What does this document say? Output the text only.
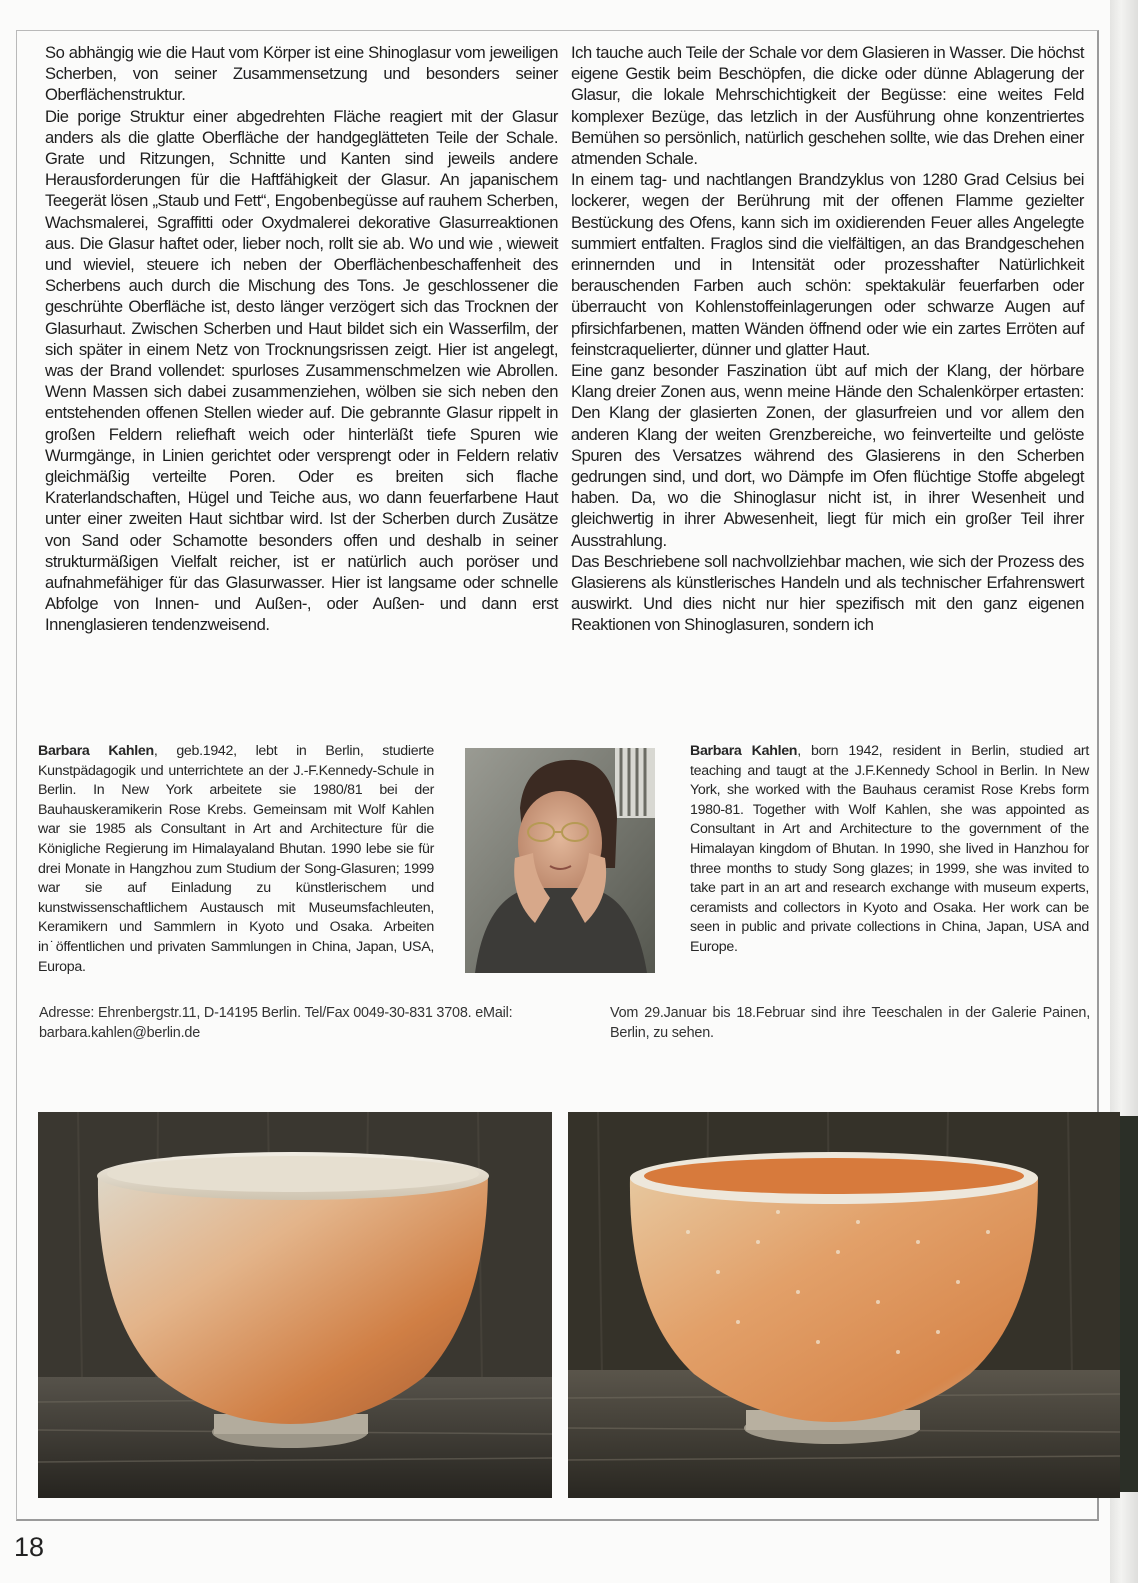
So abhängig wie die Haut vom Körper ist eine Shinoglasur vom jeweiligen Scherben, von seiner Zusammensetzung und besonders seiner Oberflächenstruktur.

Die porige Struktur einer abgedrehten Fläche reagiert mit der Glasur anders als die glatte Oberfläche der handgeglätteten Teile der Schale. Grate und Ritzungen, Schnitte und Kanten sind jeweils andere Herausforderungen für die Haftfähigkeit der Glasur. An japanischem Teegerät lösen „Staub und Fett“, Engobenbegüsse auf rauhem Scherben, Wachsmalerei, Sgraffitti oder Oxydmalerei dekorative Glasurreaktionen aus. Die Glasur haftet oder, lieber noch, rollt sie ab. Wo und wie , wieweit und wieviel, steuere ich neben der Oberflächenbeschaffenheit des Scherbens auch durch die Mischung des Tons. Je geschlossener die geschrühte Oberfläche ist, desto länger verzögert sich das Trocknen der Glasurhaut. Zwischen Scherben und Haut bildet sich ein Wasserfilm, der sich später in einem Netz von Trocknungsrissen zeigt. Hier ist angelegt, was der Brand vollendet: spurloses Zusammenschmelzen wie Abrollen. Wenn Massen sich dabei zusammenziehen, wölben sie sich neben den entstehenden offenen Stellen wieder auf. Die gebrannte Glasur rippelt in großen Feldern reliefhaft weich oder hinterläßt tiefe Spuren wie Wurmgänge, in Linien gerichtet oder versprengt oder in Feldern relativ gleichmäßig verteilte Poren. Oder es breiten sich flache Kraterlandschaften, Hügel und Teiche aus, wo dann feuerfarbene Haut unter einer zweiten Haut sichtbar wird. Ist der Scherben durch Zusätze von Sand oder Schamotte besonders offen und deshalb in seiner strukturmäßigen Vielfalt reicher, ist er natürlich auch poröser und aufnahmefähiger für das Glasurwasser. Hier ist langsame oder schnelle Abfolge von Innen- und Außen-, oder Außen- und dann erst Innenglasieren tendenzweisend.

Ich tauche auch Teile der Schale vor dem Glasieren in Wasser. Die höchst eigene Gestik beim Beschöpfen, die dicke oder dünne Ablagerung der Glasur, die lokale Mehrschichtigkeit der Begüsse: eine weites Feld komplexer Bezüge, das letzlich in der Ausführung ohne konzentriertes Bemühen so persönlich, natürlich geschehen sollte, wie das Drehen einer atmenden Schale.

In einem tag- und nachtlangen Brandzyklus von 1280 Grad Celsius bei lockerer, wegen der Berührung mit der offenen Flamme gezielter Bestückung des Ofens, kann sich im oxidierenden Feuer alles Angelegte summiert entfalten. Fraglos sind die vielfältigen, an das Brandgeschehen erinnernden und in Intensität oder prozesshafter Natürlichkeit berauschenden Farben auch schön: spektakulär feuerfarben oder überraucht von Kohlenstoffeinlagerungen oder schwarze Augen auf pfirsichfarbenen, matten Wänden öffnend oder wie ein zartes Erröten auf feinstcraquelierter, dünner und glatter Haut.

Eine ganz besonder Faszination übt auf mich der Klang, der hörbare Klang dreier Zonen aus, wenn meine Hände den Schalenkörper ertasten: Den Klang der glasierten Zonen, der glasurfreien und vor allem den anderen Klang der weiten Grenzbereiche, wo feinverteilte und gelöste Spuren des Versatzes während des Glasierens in den Scherben gedrungen sind, und dort, wo Dämpfe im Ofen flüchtige Stoffe abgelegt haben. Da, wo die Shinoglasur nicht ist, in ihrer Wesenheit und gleichwertig in ihrer Abwesenheit, liegt für mich ein großer Teil ihrer Ausstrahlung.

Das Beschriebene soll nachvollziehbar machen, wie sich der Prozess des Glasierens als künstlerisches Handeln und als technischer Erfahrenswert auswirkt. Und dies nicht nur hier spezifisch mit den ganz eigenen Reaktionen von Shinoglasuren, sondern ich

Barbara Kahlen, geb.1942, lebt in Berlin, studierte Kunstpädagogik und unterrichtete an der J.-F.Kennedy-Schule in Berlin. In New York arbeitete sie 1980/81 bei der Bauhauskeramikerin Rose Krebs. Gemeinsam mit Wolf Kahlen war sie 1985 als Consultant in Art and Architecture für die Königliche Regierung im Himalayaland Bhutan. 1990 lebe sie für drei Monate in Hangzhou zum Studium der Song-Glasuren; 1999 war sie auf Einladung zu künstlerischem und kunstwissenschaftlichem Austausch mit Museumsfachleuten, Keramikern und Sammlern in Kyoto und Osaka. Arbeiten in˙öffentlichen und privaten Sammlungen in China, Japan, USA, Europa.
Barbara Kahlen, born 1942, resident in Berlin, studied art teaching and taugt at the J.F.Kennedy School in Berlin. In New York, she worked with the Bauhaus ceramist Rose Krebs form 1980-81. Together with Wolf Kahlen, she was appointed as Consultant in Art and Architecture to the government of the Himalayan kingdom of Bhutan. In 1990, she lived in Hanzhou for three months to study Song glazes; in 1999, she was invited to take part in an art and research exchange with museum experts, ceramists and collectors in Kyoto and Osaka. Her work can be seen in public and private collections in China, Japan, USA and Europe.
Adresse: Ehrenbergstr.11, D-14195 Berlin. Tel/Fax 0049-30-831 3708. eMail: barbara.kahlen@berlin.de
Vom 29.Januar bis 18.Februar sind ihre Teeschalen in der Galerie Painen, Berlin, zu sehen.
18
